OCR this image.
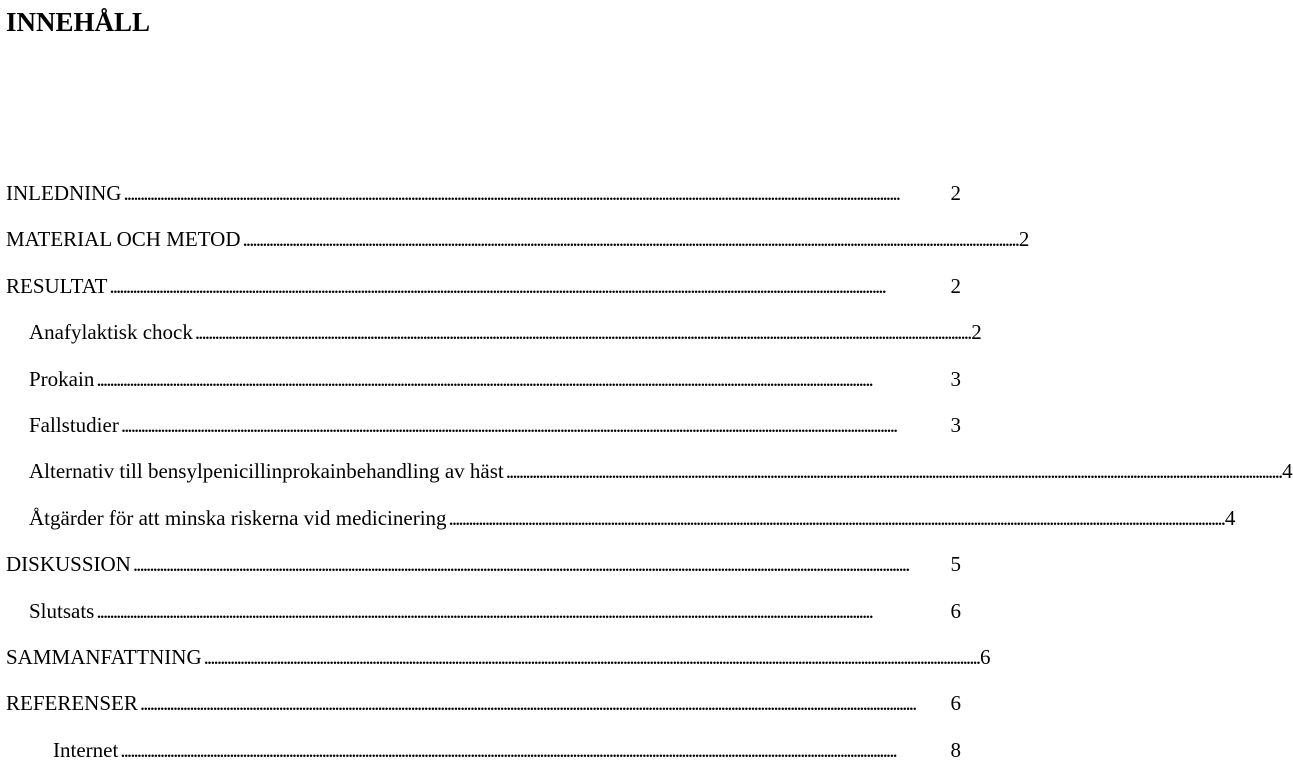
INNEHÅLL
INLEDNING . . .	2
MATERIAL OCH METOD . . .	2
RESULTAT . . .	2
Anafylaktisk chock . . .	2
Prokain . . .	3
Fallstudier . . .	3
Alternativ till bensylpenicillinprokainbehandling av häst . . .	4
Åtgärder för att minska riskerna vid medicinering . . .	4
DISKUSSION . . .	5
Slutsats . . .	6
SAMMANFATTNING . . .	6
REFERENSER . . .	6
Internet . . .	8
